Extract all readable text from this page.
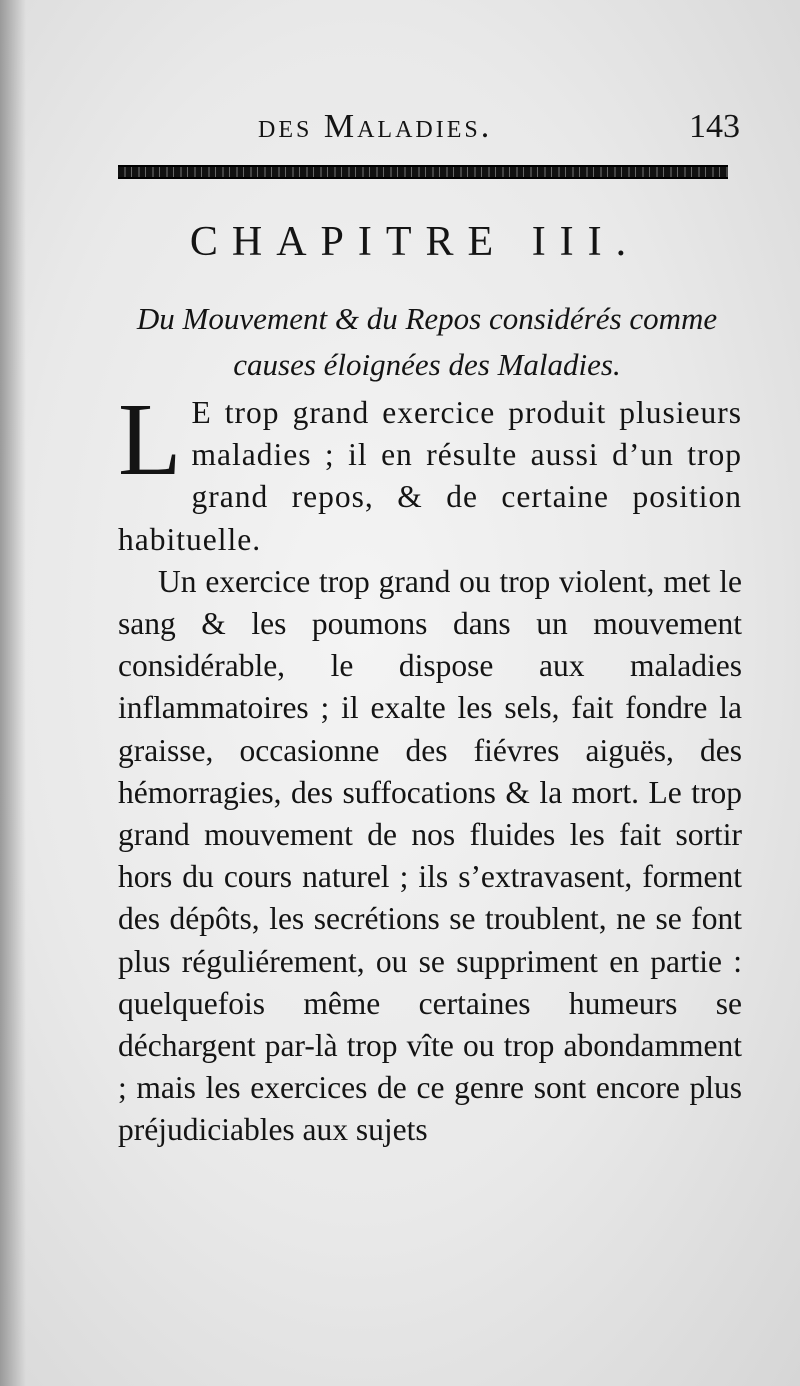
des Maladies.	143
CHAPITRE III.

Du Mouvement & du Repos considérés comme causes éloignées des Maladies.

L E trop grand exercice produit plusieurs maladies ; il en résulte aussi d’un trop grand repos, & de certaine position habituelle.

Un exercice trop grand ou trop violent, met le sang & les poumons dans un mouvement considérable, le dispose aux maladies inflammatoires ; il exalte les sels, fait fondre la graisse, occasionne des fiévres aiguës, des hémorragies, des suffocations & la mort. Le trop grand mouvement de nos fluides les fait sortir hors du cours naturel ; ils s’extravasent, forment des dépôts, les secrétions se troublent, ne se font plus réguliérement, ou se suppriment en partie : quelquefois même certaines humeurs se déchargent par-là trop vîte ou trop abondamment ; mais les exercices de ce genre sont encore plus préjudiciables aux sujets
